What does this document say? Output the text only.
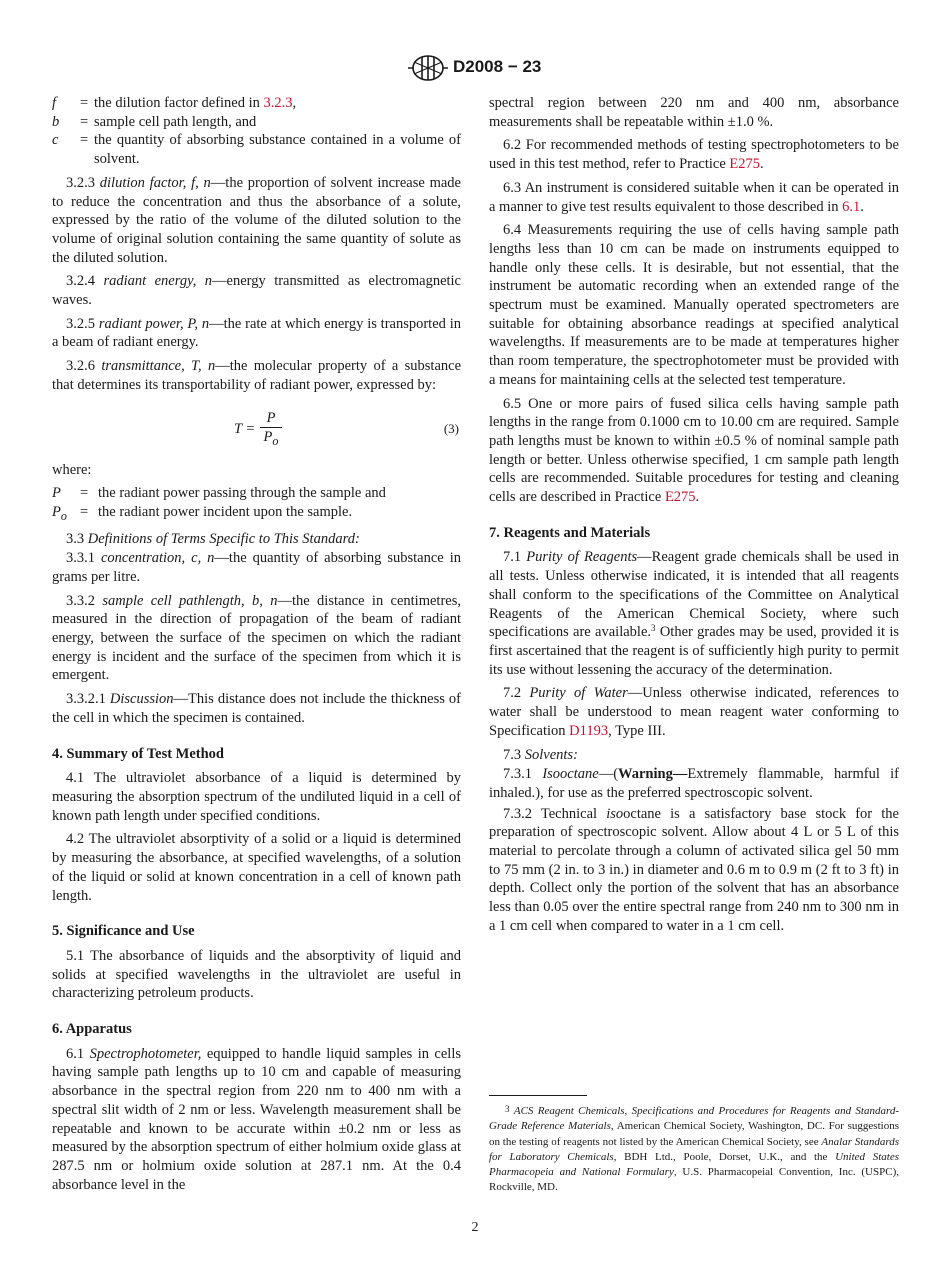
D2008 − 23
f	= the dilution factor defined in 3.2.3,
b	= sample cell path length, and
c	= the quantity of absorbing substance contained in a volume of solvent.

3.2.3 dilution factor, f, n—the proportion of solvent increase made to reduce the concentration and thus the absorbance of a solute, expressed by the ratio of the volume of the diluted solution to the volume of original solution containing the same quantity of solute as the diluted solution.

3.2.4 radiant energy, n—energy transmitted as electromagnetic waves.

3.2.5 radiant power, P, n—the rate at which energy is transported in a beam of radiant energy.

3.2.6 transmittance, T, n—the molecular property of a substance that determines its transportability of radiant power, expressed by:

$T = \frac{P}{P_o}$	(3)

where:

P	= the radiant power passing through the sample and
$P_o$ = the radiant power incident upon the sample.

3.3 Definitions of Terms Specific to This Standard:

3.3.1 concentration, c, n—the quantity of absorbing substance in grams per litre.

3.3.2 sample cell pathlength, b, n—the distance in centimetres, measured in the direction of propagation of the beam of radiant energy, between the surface of the specimen on which the radiant energy is incident and the surface of the specimen from which it is emergent.

3.3.2.1 Discussion—This distance does not include the thickness of the cell in which the specimen is contained.

4. Summary of Test Method

4.1 The ultraviolet absorbance of a liquid is determined by measuring the absorption spectrum of the undiluted liquid in a cell of known path length under specified conditions.

4.2 The ultraviolet absorptivity of a solid or a liquid is determined by measuring the absorbance, at specified wavelengths, of a solution of the liquid or solid at known concentration in a cell of known path length.

5. Significance and Use

5.1 The absorbance of liquids and the absorptivity of liquid and solids at specified wavelengths in the ultraviolet are useful in characterizing petroleum products.

6. Apparatus

6.1 Spectrophotometer, equipped to handle liquid samples in cells having sample path lengths up to 10 cm and capable of measuring absorbance in the spectral region from 220 nm to 400 nm with a spectral slit width of 2 nm or less. Wavelength measurement shall be repeatable and known to be accurate within ±0.2 nm or less as measured by the absorption spectrum of either holmium oxide glass at 287.5 nm or holmium oxide solution at 287.1 nm. At the 0.4 absorbance level in the

spectral region between 220 nm and 400 nm, absorbance measurements shall be repeatable within ±1.0 %.

6.2 For recommended methods of testing spectrophotometers to be used in this test method, refer to Practice E275.

6.3 An instrument is considered suitable when it can be operated in a manner to give test results equivalent to those described in 6.1.

6.4 Measurements requiring the use of cells having sample path lengths less than 10 cm can be made on instruments equipped to handle only these cells. It is desirable, but not essential, that the instrument be automatic recording when an extended range of the spectrum must be examined. Manually operated spectrometers are suitable for obtaining absorbance readings at specified analytical wavelengths. If measurements are to be made at temperatures higher than room temperature, the spectrophotometer must be provided with a means for maintaining cells at the selected test temperature.

6.5 One or more pairs of fused silica cells having sample path lengths in the range from 0.1000 cm to 10.00 cm are required. Sample path lengths must be known to within ±0.5 % of nominal sample path length or better. Unless otherwise specified, 1 cm sample path length cells are recommended. Suitable procedures for testing and cleaning cells are described in Practice E275.

7. Reagents and Materials

7.1 Purity of Reagents—Reagent grade chemicals shall be used in all tests. Unless otherwise indicated, it is intended that all reagents shall conform to the specifications of the Committee on Analytical Reagents of the American Chemical Society, where such specifications are available.$^3$ Other grades may be used, provided it is first ascertained that the reagent is of sufficiently high purity to permit its use without lessening the accuracy of the determination.

7.2 Purity of Water—Unless otherwise indicated, references to water shall be understood to mean reagent water conforming to Specification D1193, Type III.

7.3 Solvents:

7.3.1 Isooctane—(Warning—Extremely flammable, harmful if inhaled.), for use as the preferred spectroscopic solvent.

7.3.2 Technical isooctane is a satisfactory base stock for the preparation of spectroscopic solvent. Allow about 4 L or 5 L of this material to percolate through a column of activated silica gel 50 mm to 75 mm (2 in. to 3 in.) in diameter and 0.6 m to 0.9 m (2 ft to 3 ft) in depth. Collect only the portion of the solvent that has an absorbance less than 0.05 over the entire spectral range from 240 nm to 300 nm in a 1 cm cell when compared to water in a 1 cm cell.

$^3$ ACS Reagent Chemicals, Specifications and Procedures for Reagents and Standard-Grade Reference Materials, American Chemical Society, Washington, DC. For suggestions on the testing of reagents not listed by the American Chemical Society, see Analar Standards for Laboratory Chemicals, BDH Ltd., Poole, Dorset, U.K., and the United States Pharmacopeia and National Formulary, U.S. Pharmacopeial Convention, Inc. (USPC), Rockville, MD.
2
